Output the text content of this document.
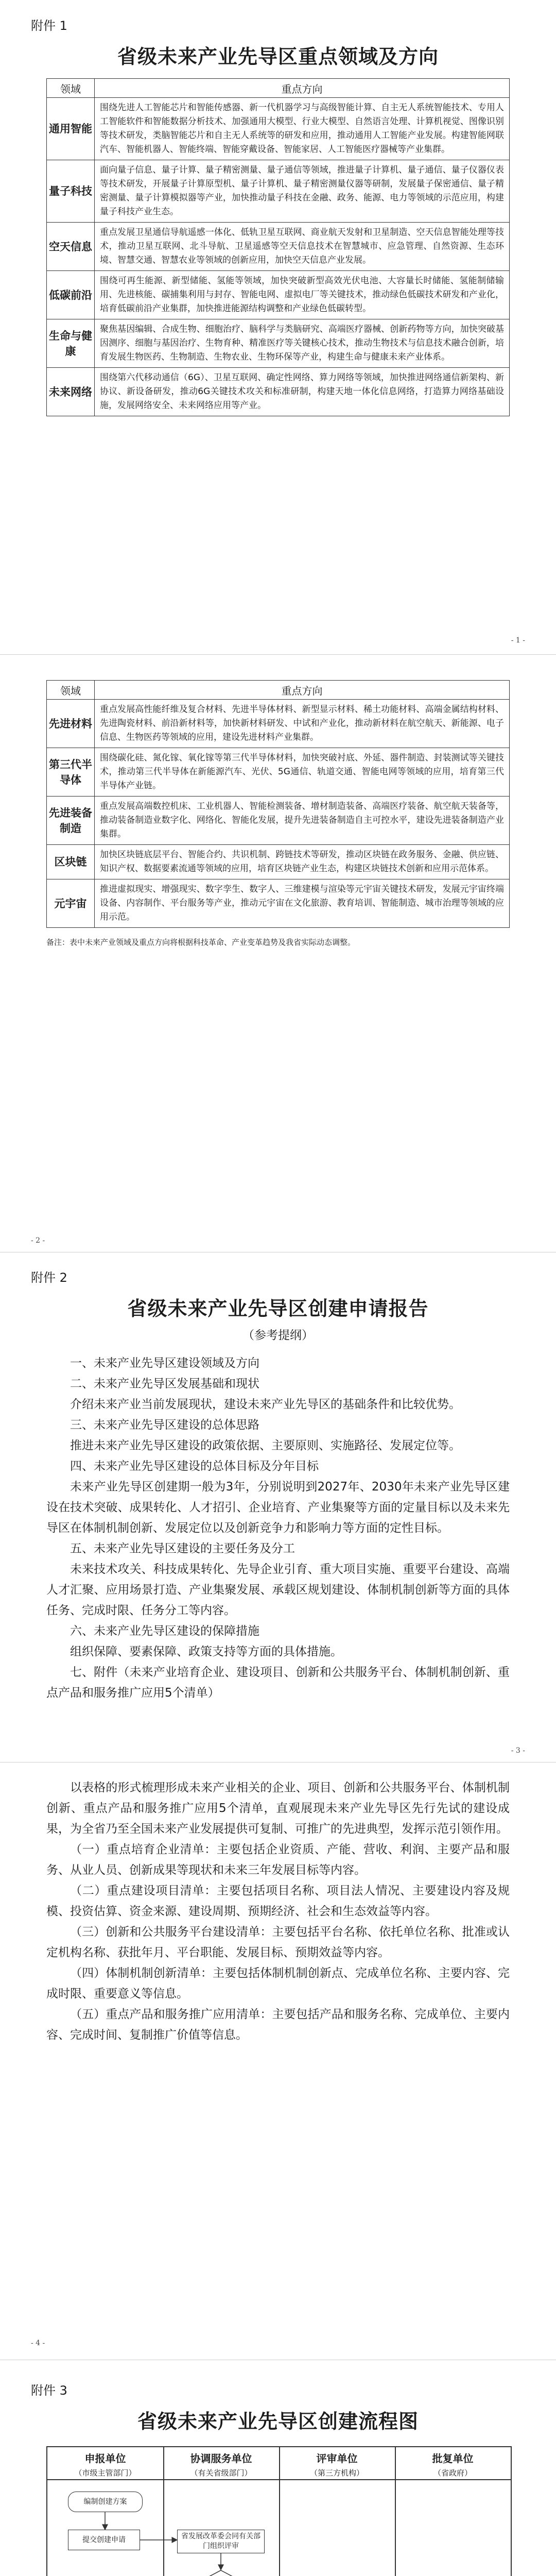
附件 1

省级未来产业先导区重点领域及方向

领域	重点方向
通用智能	围绕先进人工智能芯片和智能传感器、新一代机器学习与高级智能计算、自主无人系统智能技术、专用人工智能软件和智能数据分析技术、加强通用大模型、行业大模型、自然语言处理、计算机视觉、图像识别等技术研发，类脑智能芯片和自主无人系统等的研发和应用，推动通用人工智能产业发展。构建智能网联汽车、智能机器人、智能终端、智能穿戴设备、智能家居、人工智能医疗器械等产业集群。
量子科技	面向量子信息、量子计算、量子精密测量、量子通信等领域，推进量子计算机、量子通信、量子仪器仪表等技术研发，开展量子计算原型机、量子计算机、量子精密测量仪器等研制，发展量子保密通信、量子精密测量、量子计算模拟器等产业，加快推动量子科技在金融、政务、能源、电力等领域的示范应用，构建量子科技产业生态。
空天信息	重点发展卫星通信导航遥感一体化、低轨卫星互联网、商业航天发射和卫星制造、空天信息智能处理等技术，推动卫星互联网、北斗导航、卫星遥感等空天信息技术在智慧城市、应急管理、自然资源、生态环境、智慧交通、智慧农业等领域的创新应用，加快空天信息产业发展。
低碳前沿	围绕可再生能源、新型储能、氢能等领域，加快突破新型高效光伏电池、大容量长时储能、氢能制储输用、先进核能、碳捕集利用与封存、智能电网、虚拟电厂等关键技术，推动绿色低碳技术研发和产业化，培育低碳前沿产业集群，加快推进能源结构调整和产业绿色低碳转型。
生命与健康	聚焦基因编辑、合成生物、细胞治疗、脑科学与类脑研究、高端医疗器械、创新药物等方向，加快突破基因测序、细胞与基因治疗、生物育种、精准医疗等关键核心技术，推动生物技术与信息技术融合创新，培育发展生物医药、生物制造、生物农业、生物环保等产业，构建生命与健康未来产业体系。
未来网络	围绕第六代移动通信（6G）、卫星互联网、确定性网络、算力网络等领域，加快推进网络通信新架构、新协议、新设备研发，推动6G关键技术攻关和标准研制，构建天地一体化信息网络，打造算力网络基础设施，发展网络安全、未来网络应用等产业。
- 1 -
领域	重点方向
先进材料	重点发展高性能纤维及复合材料、先进半导体材料、新型显示材料、稀土功能材料、高端金属结构材料、先进陶瓷材料、前沿新材料等，加快新材料研发、中试和产业化，推动新材料在航空航天、新能源、电子信息、生物医药等领域的应用，建设先进材料产业集群。
第三代半导体	围绕碳化硅、氮化镓、氧化镓等第三代半导体材料，加快突破衬底、外延、器件制造、封装测试等关键技术，推动第三代半导体在新能源汽车、光伏、5G通信、轨道交通、智能电网等领域的应用，培育第三代半导体产业链。
先进装备制造	重点发展高端数控机床、工业机器人、智能检测装备、增材制造装备、高端医疗装备、航空航天装备等，推动装备制造业数字化、网络化、智能化发展，提升先进装备制造自主可控水平，建设先进装备制造产业集群。
区块链	加快区块链底层平台、智能合约、共识机制、跨链技术等研发，推动区块链在政务服务、金融、供应链、知识产权、数据要素流通等领域的应用，培育区块链产业生态，构建区块链技术创新和应用示范体系。
元宇宙	推进虚拟现实、增强现实、数字孪生、数字人、三维建模与渲染等元宇宙关键技术研发，发展元宇宙终端设备、内容制作、平台服务等产业，推动元宇宙在文化旅游、教育培训、智能制造、城市治理等领域的应用示范。

备注：表中未来产业领域及重点方向将根据科技革命、产业变革趋势及我省实际动态调整。

- 2 -

附件 2

省级未来产业先导区创建申请报告

（参考提纲）

一、未来产业先导区建设领域及方向

二、未来产业先导区发展基础和现状

介绍未来产业当前发展现状，建设未来产业先导区的基础条件和比较优势。

三、未来产业先导区建设的总体思路

推进未来产业先导区建设的政策依据、主要原则、实施路径、发展定位等。

四、未来产业先导区建设的总体目标及分年目标

未来产业先导区创建期一般为3年，分别说明到2027年、2030年未来产业先导区建设在技术突破、成果转化、人才招引、企业培育、产业集聚等方面的定量目标以及未来先导区在体制机制创新、发展定位以及创新竞争力和影响力等方面的定性目标。

五、未来产业先导区建设的主要任务及分工

未来技术攻关、科技成果转化、先导企业引育、重大项目实施、重要平台建设、高端人才汇聚、应用场景打造、产业集聚发展、承载区规划建设、体制机制创新等方面的具体任务、完成时限、任务分工等内容。

六、未来产业先导区建设的保障措施

组织保障、要素保障、政策支持等方面的具体措施。

七、附件（未来产业培育企业、建设项目、创新和公共服务平台、体制机制创新、重点产品和服务推广应用5个清单）

- 3 -

以表格的形式梳理形成未来产业相关的企业、项目、创新和公共服务平台、体制机制创新、重点产品和服务推广应用5个清单，直观展现未来产业先导区先行先试的建设成果，为全省乃至全国未来产业发展提供可复制、可推广的先进典型，发挥示范引领作用。

（一）重点培育企业清单：主要包括企业资质、产能、营收、利润、主要产品和服务、从业人员、创新成果等现状和未来三年发展目标等内容。

（二）重点建设项目清单：主要包括项目名称、项目法人情况、主要建设内容及规模、投资估算、资金来源、建设周期、预期经济、社会和生态效益等内容。

（三）创新和公共服务平台建设清单：主要包括平台名称、依托单位名称、批准或认定机构名称、获批年月、平台职能、发展目标、预期效益等内容。

（四）体制机制创新清单：主要包括体制机制创新点、完成单位名称、主要内容、完成时限、重要意义等信息。

（五）重点产品和服务推广应用清单：主要包括产品和服务名称、完成单位、主要内容、完成时间、复制推广价值等信息。

- 4 -

附件 3

省级未来产业先导区创建流程图

申报单位
（市级主管部门）
协调服务单位
（有关省级部门）
评审单位
（第三方机构）
批复单位
（省政府）
编制创建方案
提交创建申请	省发展改革委会同有关部门组织评审
